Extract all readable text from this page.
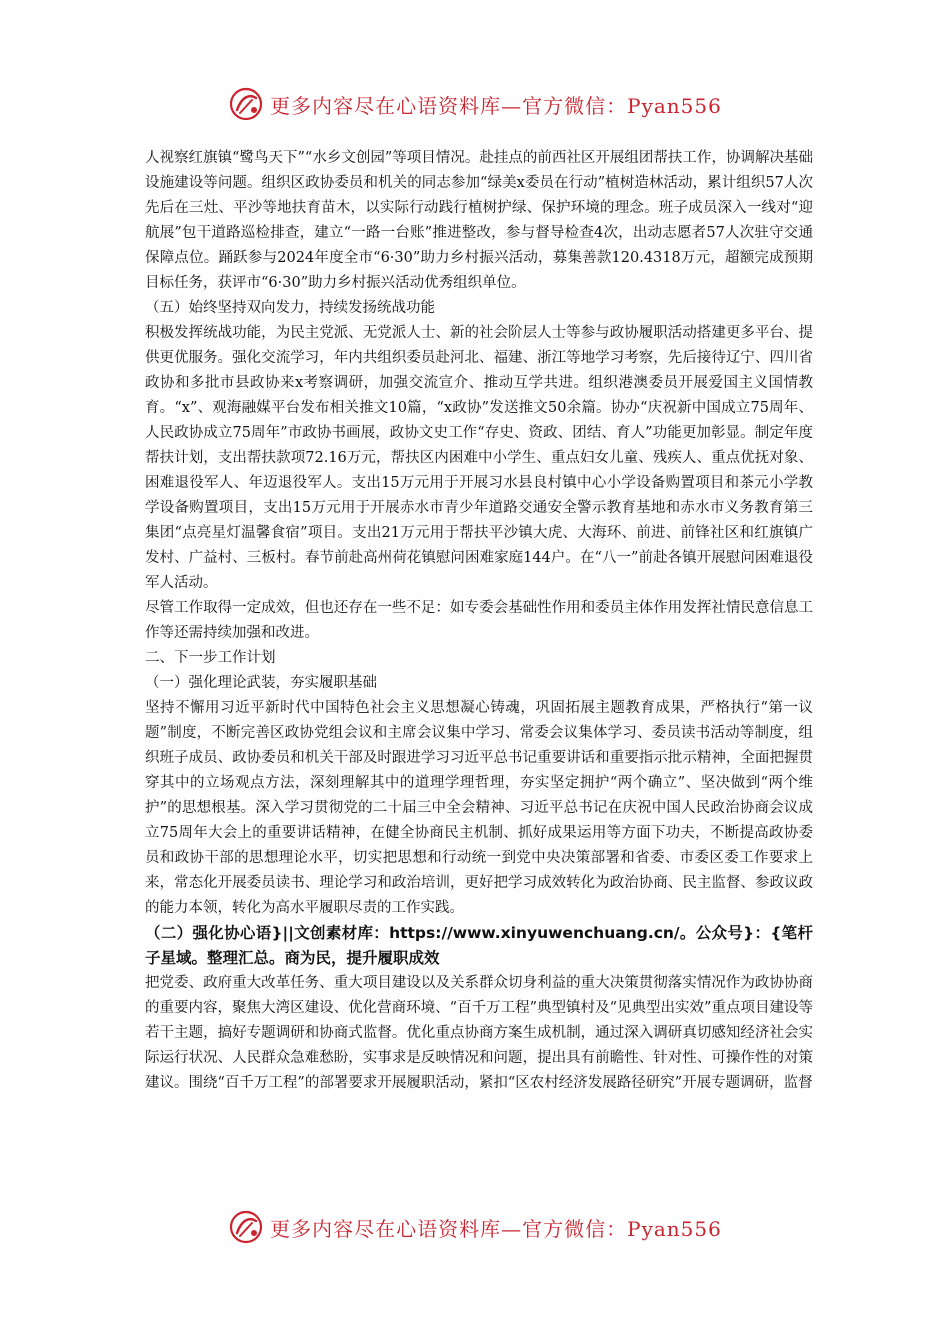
更多内容尽在心语资料库—官方微信：Pyan556

人视察红旗镇“鹭鸟天下”“水乡文创园”等项目情况。赴挂点的前西社区开展组团帮扶工作，协调解决基础设施建设等问题。组织区政协委员和机关的同志参加“绿美x委员在行动”植树造林活动，累计组织57人次先后在三灶、平沙等地扶育苗木，以实际行动践行植树护绿、保护环境的理念。班子成员深入一线对“迎航展”包干道路巡检排查，建立“一路一台账”推进整改，参与督导检查4次，出动志愿者57人次驻守交通保障点位。踊跃参与2024年度全市“6·30”助力乡村振兴活动，募集善款120.4318万元，超额完成预期目标任务，获评市“6·30”助力乡村振兴活动优秀组织单位。

（五）始终坚持双向发力，持续发扬统战功能

积极发挥统战功能，为民主党派、无党派人士、新的社会阶层人士等参与政协履职活动搭建更多平台、提供更优服务。强化交流学习，年内共组织委员赴河北、福建、浙江等地学习考察，先后接待辽宁、四川省政协和多批市县政协来x考察调研，加强交流宣介、推动互学共进。组织港澳委员开展爱国主义国情教育。“x”、观海融媒平台发布相关推文10篇，“x政协”发送推文50余篇。协办“庆祝新中国成立75周年、人民政协成立75周年”市政协书画展，政协文史工作“存史、资政、团结、育人”功能更加彰显。制定年度帮扶计划，支出帮扶款项72.16万元，帮扶区内困难中小学生、重点妇女儿童、残疾人、重点优抚对象、困难退役军人、年迈退役军人。支出15万元用于开展习水县良村镇中心小学设备购置项目和茶元小学教学设备购置项目，支出15万元用于开展赤水市青少年道路交通安全警示教育基地和赤水市义务教育第三集团“点亮星灯温馨食宿”项目。支出21万元用于帮扶平沙镇大虎、大海环、前进、前锋社区和红旗镇广发村、广益村、三板村。春节前赴高州荷花镇慰问困难家庭144户。在“八一”前赴各镇开展慰问困难退役军人活动。

尽管工作取得一定成效，但也还存在一些不足：如专委会基础性作用和委员主体作用发挥社情民意信息工作等还需持续加强和改进。

二、下一步工作计划

（一）强化理论武装，夯实履职基础

坚持不懈用习近平新时代中国特色社会主义思想凝心铸魂，巩固拓展主题教育成果，严格执行“第一议题”制度，不断完善区政协党组会议和主席会议集中学习、常委会议集体学习、委员读书活动等制度，组织班子成员、政协委员和机关干部及时跟进学习习近平总书记重要讲话和重要指示批示精神，全面把握贯穿其中的立场观点方法，深刻理解其中的道理学理哲理，夯实坚定拥护“两个确立”、坚决做到“两个维护”的思想根基。深入学习贯彻党的二十届三中全会精神、习近平总书记在庆祝中国人民政治协商会议成立75周年大会上的重要讲话精神，在健全协商民主机制、抓好成果运用等方面下功夫，不断提高政协委员和政协干部的思想理论水平，切实把思想和行动统一到党中央决策部署和省委、市委区委工作要求上来，常态化开展委员读书、理论学习和政治培训，更好把学习成效转化为政治协商、民主监督、参政议政的能力本领，转化为高水平履职尽责的工作实践。

（二）强化协心语}||文创素材库：https://www.xinyuwenchuang.cn/。公众号}：{笔杆子星域。整理汇总。商为民，提升履职成效

把党委、政府重大改革任务、重大项目建设以及关系群众切身利益的重大决策贯彻落实情况作为政协协商的重要内容，聚焦大湾区建设、优化营商环境、“百千万工程”典型镇村及“见典型出实效”重点项目建设等若干主题，搞好专题调研和协商式监督。优化重点协商方案生成机制，通过深入调研真切感知经济社会实际运行状况、人民群众急难愁盼，实事求是反映情况和问题，提出具有前瞻性、针对性、可操作性的对策建议。围绕“百千万工程”的部署要求开展履职活动，紧扣“区农村经济发展路径研究”开展专题调研，监督

更多内容尽在心语资料库—官方微信：Pyan556
